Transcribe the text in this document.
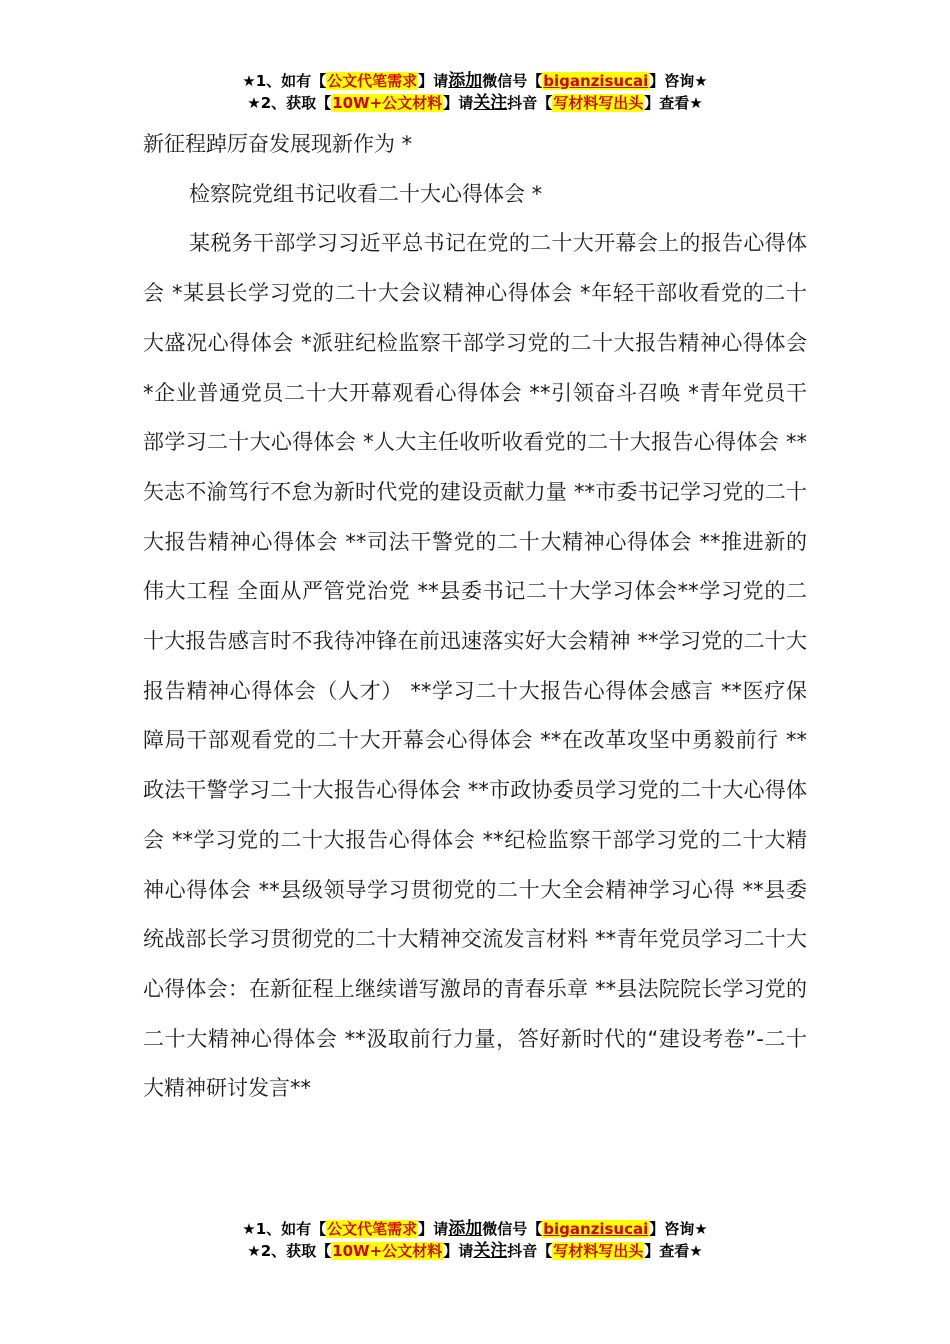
★1、如有【公文代笔需求】请添加微信号【biganzisucai】咨询★
★2、获取【10W+公文材料】请关注抖音【写材料写出头】查看★

新征程踔厉奋发展现新作为 *

检察院党组书记收看二十大心得体会 *

某税务干部学习习近平总书记在党的二十大开幕会上的报告心得体会 *某县长学习党的二十大会议精神心得体会 *年轻干部收看党的二十大盛况心得体会 *派驻纪检监察干部学习党的二十大报告精神心得体会 *企业普通党员二十大开幕观看心得体会 **引领奋斗召唤 *青年党员干部学习二十大心得体会 *人大主任收听收看党的二十大报告心得体会 **矢志不渝笃行不怠为新时代党的建设贡献力量 **市委书记学习党的二十大报告精神心得体会 **司法干警党的二十大精神心得体会 **推进新的伟大工程 全面从严管党治党 **县委书记二十大学习体会**学习党的二十大报告感言时不我待冲锋在前迅速落实好大会精神 **学习党的二十大报告精神心得体会（人才） **学习二十大报告心得体会感言 **医疗保障局干部观看党的二十大开幕会心得体会 **在改革攻坚中勇毅前行 **政法干警学习二十大报告心得体会 **市政协委员学习党的二十大心得体会 **学习党的二十大报告心得体会 **纪检监察干部学习党的二十大精神心得体会 **县级领导学习贯彻党的二十大全会精神学习心得 **县委统战部长学习贯彻党的二十大精神交流发言材料 **青年党员学习二十大心得体会：在新征程上继续谱写激昂的青春乐章 **县法院院长学习党的二十大精神心得体会 **汲取前行力量，答好新时代的“建设考卷”-二十大精神研讨发言**

★1、如有【公文代笔需求】请添加微信号【biganzisucai】咨询★
★2、获取【10W+公文材料】请关注抖音【写材料写出头】查看★
